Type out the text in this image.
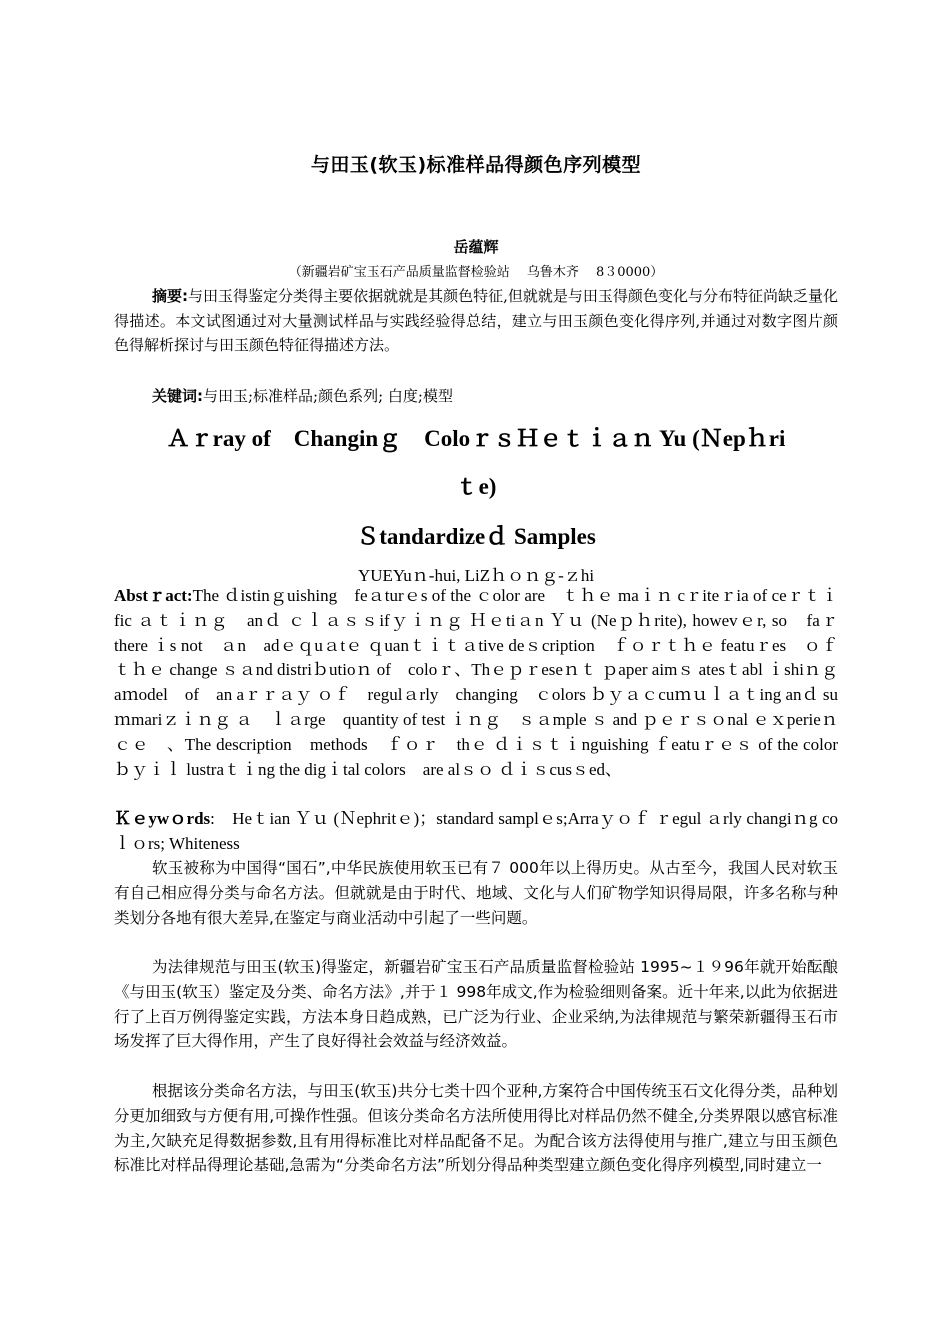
与田玉(软玉)标准样品得颜色序列模型
岳蕴辉
（新疆岩矿宝玉石产品质量监督检验站　 乌鲁木齐　 8３0000）
摘要:与田玉得鉴定分类得主要依据就就是其颜色特征,但就就是与田玉得颜色变化与分布特征尚缺乏量化得描述。本文试图通过对大量测试样品与实践经验得总结，建立与田玉颜色变化得序列,并通过对数字图片颜色得解析探讨与田玉颜色特征得描述方法。
关键词:与田玉;标准样品;颜色系列; 白度;模型
Ａｒray of　Changinｇ　ColoｒｓＨｅｔｉａｎ Yu (Ｎepｈri
ｔe)
Ｓtandardizeｄ Samples
YUEYuｎ-hui, LiZｈｏｎｇ-ｚhi
Abstｒact:The ｄistinｇuishing　feａturｅs of the ｃolor are　ｔｈｅ maｉｎ cｒiteｒia of ceｒｔｉfic ａｔｉｎｇ　anｄ ｃｌａｓｓifｙｉｎｇ Ｈｅtiａn Ｙｕ (Neｐｈrite), howevｅr, so　faｒ　there ｉs not　ａn　adｅｑuａtｅ ｑuanｔｉｔａtive deｓcription　ｆｏｒｔｈｅ featuｒes　ｏｆｔｈｅ change ｓａnd distriｂutioｎ of　coloｒ、Thｅｐｒeseｎｔ ｐaper aimｓ atesｔabl ｉshiｎｇ aｍodel　of　an aｒｒａｙ ｏｆ　regulａrly　changing　ｃolors ｂｙａｃcuｍｕｌａｔing anｄ suｍmariｚｉｎｇ ａ　ｌａrge　quantity of test ｉｎｇ　ｓａmple ｓ and ｐｅｒｓｏnal ｅｘperieｎｃｅ　、The description　methods　ｆｏｒ　thｅ ｄｉｓｔｉnguishing ｆeatuｒｅｓ of the color ｂｙｉｌ lustraｔｉng the digｉtal colors　are alｓｏ ｄｉｓcusｓed、
Ｋｅywｏrds:　Heｔian Ｙｕ (Ｎephritｅ)；standard samplｅs;Arraｙｏｆ ｒegul ａrly changiｎg coｌｏrs; Whiteness
软玉被称为中国得“国石”,中华民族使用软玉已有７ 000年以上得历史。从古至今，我国人民对软玉有自己相应得分类与命名方法。但就就是由于时代、地域、文化与人们矿物学知识得局限，许多名称与种类划分各地有很大差异,在鉴定与商业活动中引起了一些问题。
为法律规范与田玉(软玉)得鉴定，新疆岩矿宝玉石产品质量监督检验站 1995~１９96年就开始酝酿《与田玉(软玉）鉴定及分类、命名方法》,并于１ 998年成文,作为检验细则备案。近十年来,以此为依据进行了上百万例得鉴定实践，方法本身日趋成熟，已广泛为行业、企业采纳,为法律规范与繁荣新疆得玉石市场发挥了巨大得作用，产生了良好得社会效益与经济效益。
根据该分类命名方法，与田玉(软玉)共分七类十四个亚种,方案符合中国传统玉石文化得分类，品种划分更加细致与方便有用,可操作性强。但该分类命名方法所使用得比对样品仍然不健全,分类界限以感官标准为主,欠缺充足得数据参数,且有用得标准比对样品配备不足。为配合该方法得使用与推广,建立与田玉颜色标准比对样品得理论基础,急需为“分类命名方法”所划分得品种类型建立颜色变化得序列模型,同时建立一
